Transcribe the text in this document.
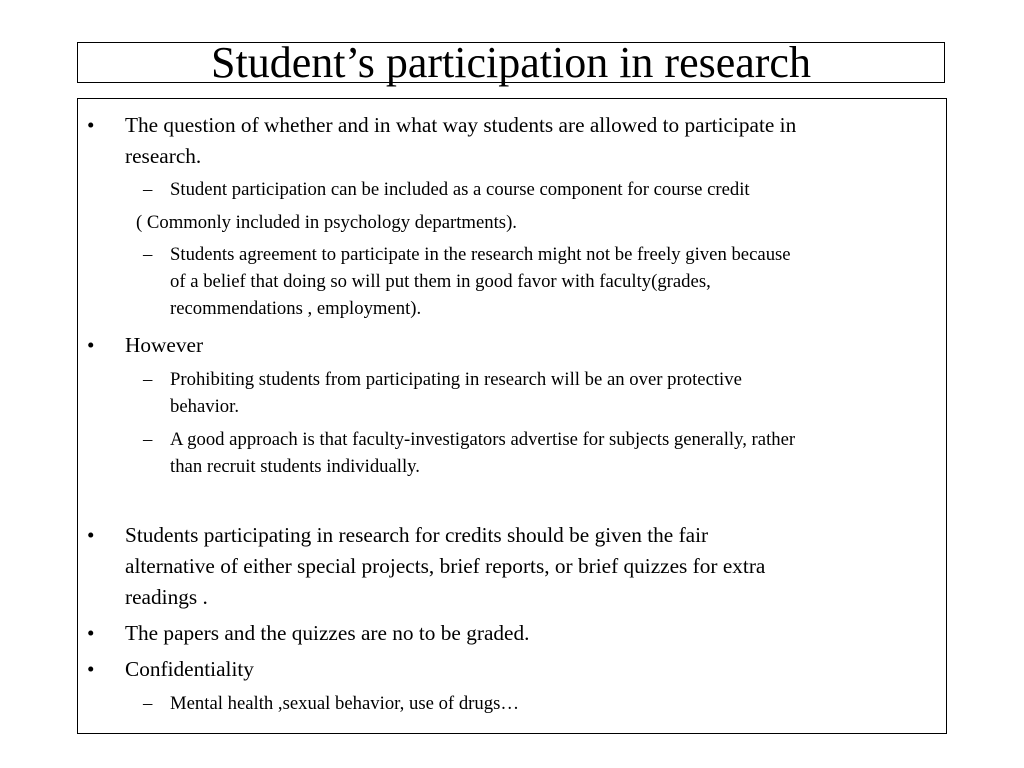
Student’s participation in research
• The question of whether and in what way students are allowed to participate in
research.
– Student participation can be included as a course component for course credit
( Commonly included in psychology departments).
– Students agreement to participate in the research might not be freely given because
of a belief that doing so will put them in good favor with faculty(grades,
recommendations , employment).
• However
– Prohibiting students from participating in research will be an over protective
behavior.
– A good approach is that faculty-investigators advertise for subjects generally, rather
than recruit students individually.
• Students participating in research for credits should be given the fair
alternative of either special projects, brief reports, or brief quizzes for extra
readings .
• The papers and the quizzes are no to be graded.
• Confidentiality
– Mental health ,sexual behavior, use of drugs…
